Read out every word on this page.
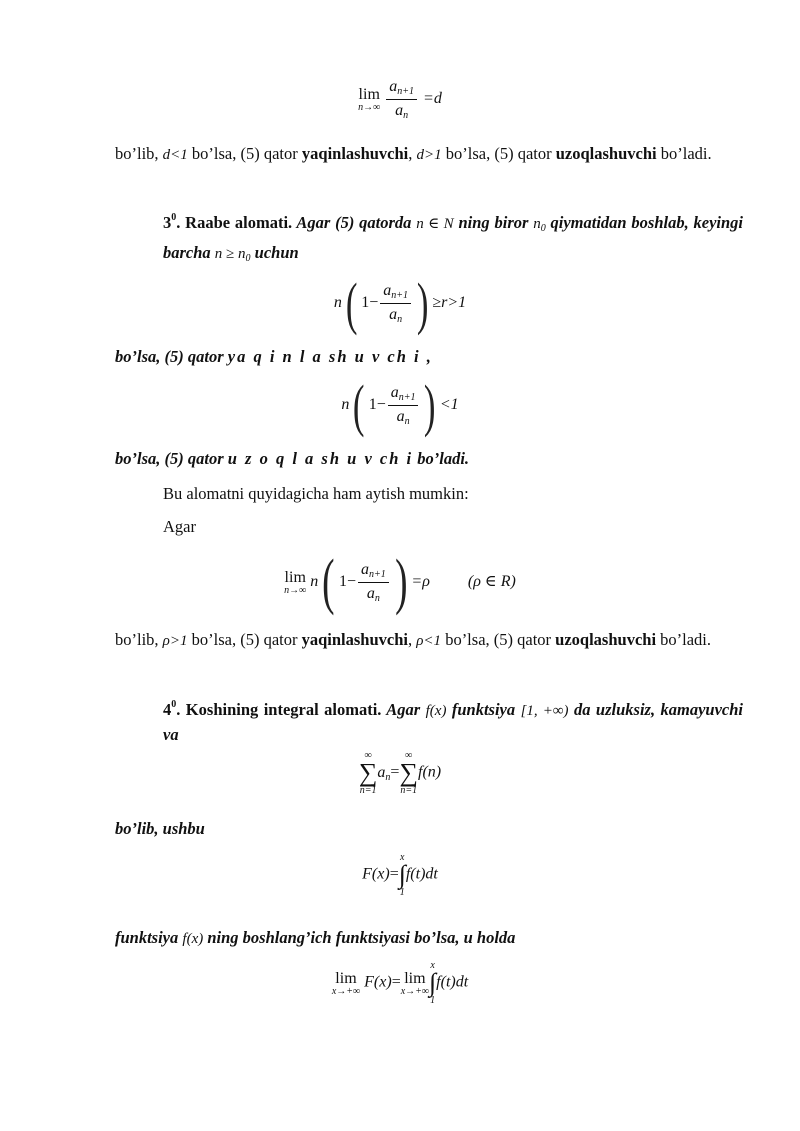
lim
n→∞
$\frac{a_{n+1}}{a_n} =d$
bo’lib, d<1 bo’lsa, (5) qator yaqinlashuvchi, d>1 bo’lsa, (5) qator uzoqlashuvchi bo’ladi.
$3^0$. Raabe alomati. Agar (5) qatorda n ∈ N ning biror $n_0$ qiymatidan boshlab, keyingi barcha $n \ge n_0$ uchun
n( $1- \frac{a_{n+1}}{a_n}$ ) ≥r>1
bo’lsa, (5) qator ya q i n l a sh u v ch i ,
n( $1- \frac{a_{n+1}}{a_n}$ ) <1
bo’lsa, (5) qator u z o q l a sh u v ch i bo’ladi.
Bu alomatni quyidagicha ham aytish mumkin:
Agar
lim
n→∞
n( $1- \frac{a_{n+1}}{a_n}$ ) =ρ (ρ ∈ R)
bo’lib, ρ>1 bo’lsa, (5) qator yaqinlashuvchi, ρ<1 bo’lsa, (5) qator uzoqlashuvchi bo’ladi.
$4^0$. Koshining integral alomati. Agar f(x) funktsiya [1, +∞) da uzluksiz, kamayuvchi va
∞
∑
n=1
$a_n=$
∞
∑
n=1
f(n)
bo’lib, ushbu
F(x)=
x
∫
1
f(t)dt
funktsiya f(x) ning boshlang’ich funktsiyasi bo’lsa, u holda
lim
x→+∞
F(x)= lim
x→+∞
x
∫
1
f(t)dt
